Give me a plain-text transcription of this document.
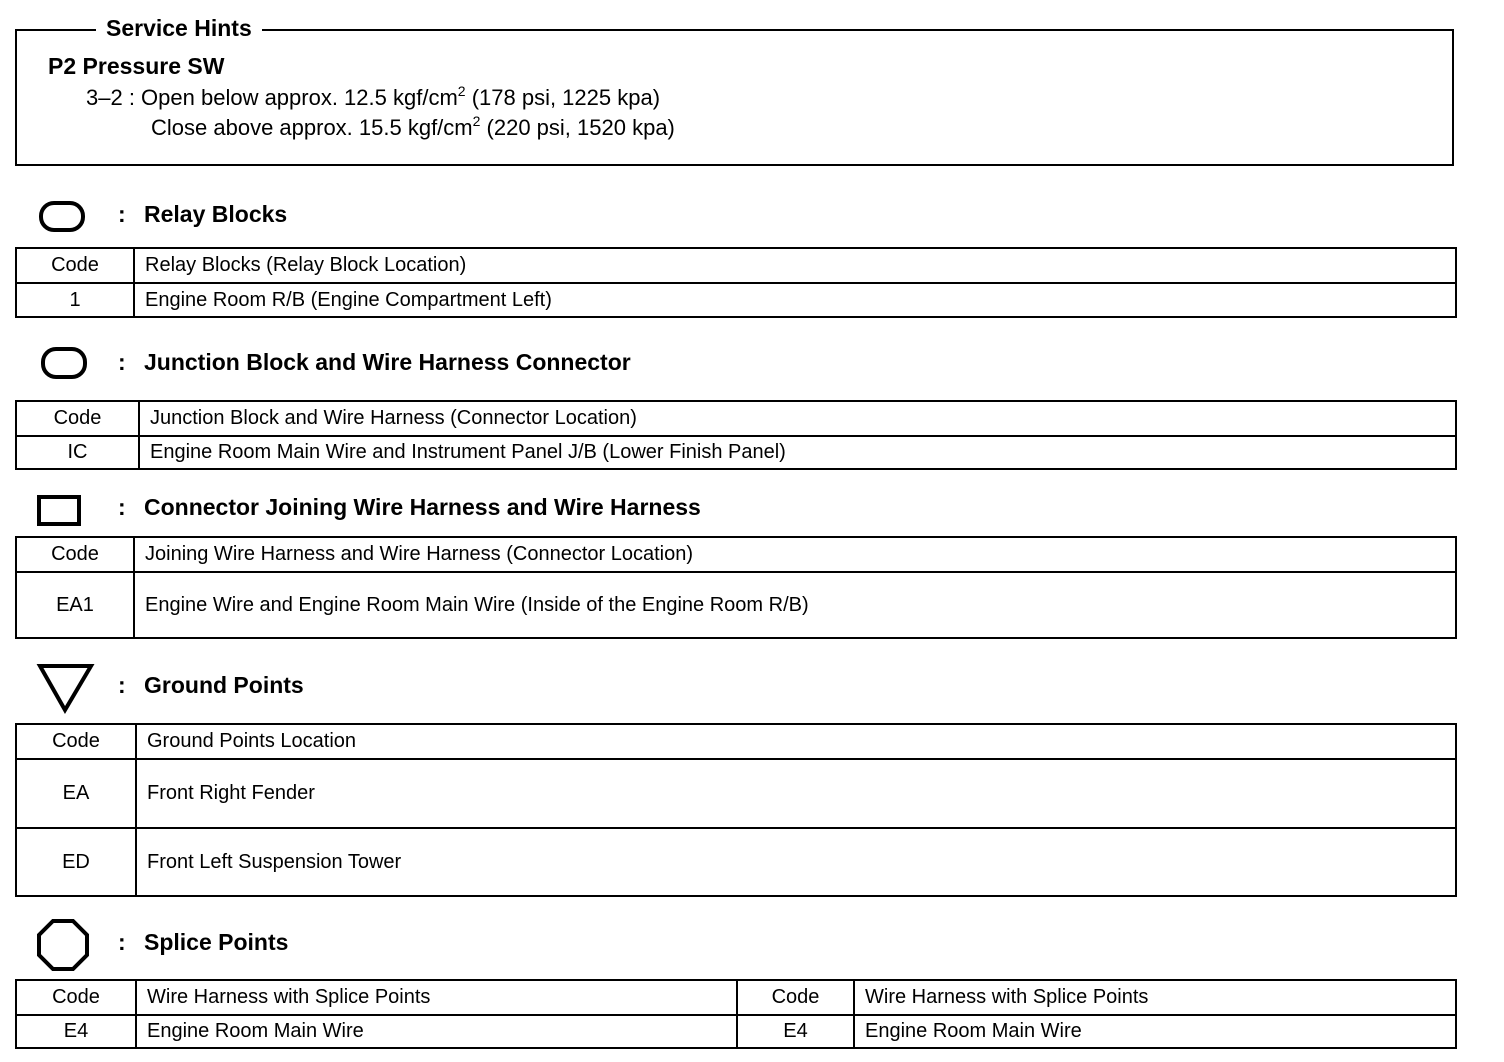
Service Hints
P2 Pressure SW
3–2 : Open below approx. 12.5 kgf/$cm^2$ (178 psi, 1225 kpa)
Close above approx. 15.5 kgf/$cm^2$ (220 psi, 1520 kpa)
: Relay Blocks
Code	Relay Blocks (Relay Block Location)
1	Engine Room R/B (Engine Compartment Left)
: Junction Block and Wire Harness Connector
Code	Junction Block and Wire Harness (Connector Location)
IC	Engine Room Main Wire and Instrument Panel J/B (Lower Finish Panel)
: Connector Joining Wire Harness and Wire Harness
Code	Joining Wire Harness and Wire Harness (Connector Location)
EA1	Engine Wire and Engine Room Main Wire (Inside of the Engine Room R/B)
: Ground Points
Code	Ground Points Location
EA	Front Right Fender
ED	Front Left Suspension Tower
: Splice Points
Code	Wire Harness with Splice Points	Code	Wire Harness with Splice Points
E4	Engine Room Main Wire	E4	Engine Room Main Wire
